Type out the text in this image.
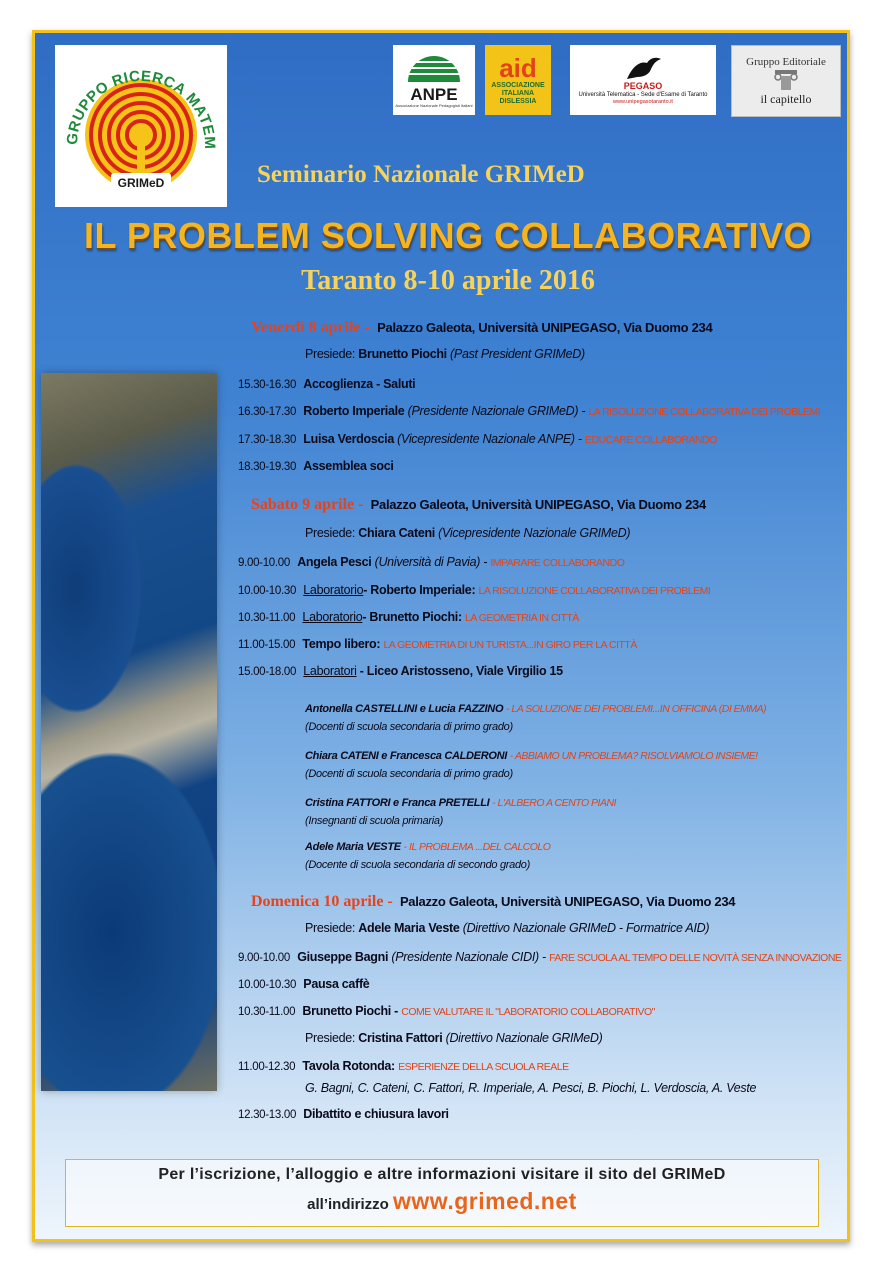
GRIMeD
GRUPPO RICERCA MATEM
ANPE
Associazione Nazionale Pedagogisti Italiani
aid
ASSOCIAZIONE
ITALIANA
DISLESSIA
PEGASO
Università Telematica - Sede d'Esame di Taranto
www.unipegasotaranto.it
Gruppo Editoriale
il capitello
Seminario Nazionale GRIMeD
IL PROBLEM SOLVING COLLABORATIVO
Taranto 8-10 aprile 2016
Venerdì 8 aprile - Palazzo Galeota, Università UNIPEGASO, Via Duomo 234
Presiede: Brunetto Piochi (Past President GRIMeD)
15.30-16.30 Accoglienza - Saluti
16.30-17.30 Roberto Imperiale (Presidente Nazionale GRIMeD) - LA RISOLUZIONE COLLABORATIVA DEI PROBLEMI
17.30-18.30 Luisa Verdoscia (Vicepresidente Nazionale ANPE) - EDUCARE COLLABORANDO
18.30-19.30 Assemblea soci
Sabato 9 aprile - Palazzo Galeota, Università UNIPEGASO, Via Duomo 234
Presiede: Chiara Cateni (Vicepresidente Nazionale GRIMeD)
9.00-10.00 Angela Pesci (Università di Pavia) - IMPARARE COLLABORANDO
10.00-10.30 Laboratorio- Roberto Imperiale: LA RISOLUZIONE COLLABORATIVA DEI PROBLEMI
10.30-11.00 Laboratorio- Brunetto Piochi: LA GEOMETRIA IN CITTÀ
11.00-15.00 Tempo libero: LA GEOMETRIA DI UN TURISTA...IN GIRO PER LA CITTÀ
15.00-18.00 Laboratori - Liceo Aristosseno, Viale Virgilio 15
Antonella CASTELLINI e Lucia FAZZINO - LA SOLUZIONE DEI PROBLEMI...IN OFFICINA (DI EMMA)
(Docenti di scuola secondaria di primo grado)
Chiara CATENI e Francesca CALDERONI - ABBIAMO UN PROBLEMA? RISOLVIAMOLO INSIEME!
(Docenti di scuola secondaria di primo grado)
Cristina FATTORI e Franca PRETELLI - L'ALBERO A CENTO PIANI
(Insegnanti di scuola primaria)
Adele Maria VESTE - IL PROBLEMA ...DEL CALCOLO
(Docente di scuola secondaria di secondo grado)
Domenica 10 aprile - Palazzo Galeota, Università UNIPEGASO, Via Duomo 234
Presiede: Adele Maria Veste (Direttivo Nazionale GRIMeD - Formatrice AID)
9.00-10.00 Giuseppe Bagni (Presidente Nazionale CIDI) - FARE SCUOLA AL TEMPO DELLE NOVITÀ SENZA INNOVAZIONE
10.00-10.30 Pausa caffè
10.30-11.00 Brunetto Piochi - COME VALUTARE IL "LABORATORIO COLLABORATIVO"
Presiede: Cristina Fattori (Direttivo Nazionale GRIMeD)
11.00-12.30 Tavola Rotonda: ESPERIENZE DELLA SCUOLA REALE
G. Bagni, C. Cateni, C. Fattori, R. Imperiale, A. Pesci, B. Piochi, L. Verdoscia, A. Veste
12.30-13.00 Dibattito e chiusura lavori
Per l’iscrizione, l’alloggio e altre informazioni visitare il sito del GRIMeD
all’indirizzo www.grimed.net
